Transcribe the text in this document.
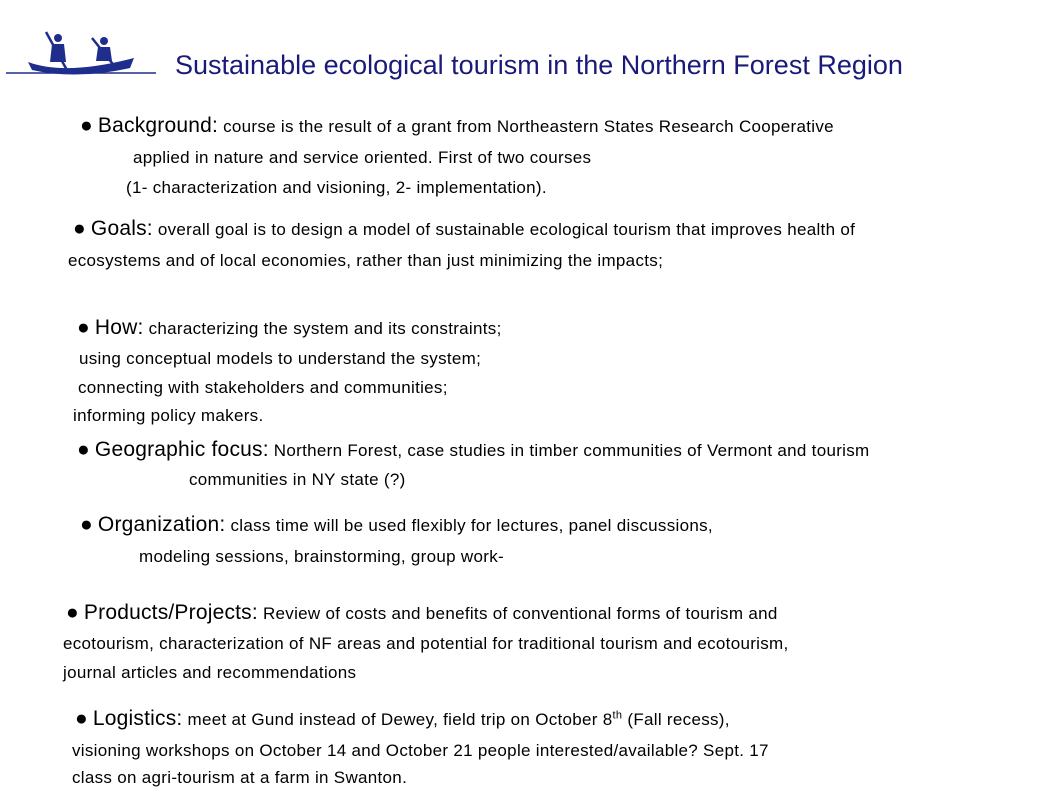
Sustainable ecological tourism in the Northern Forest Region
● Background: course is the result of a grant from Northeastern States Research Cooperative
applied in nature and service oriented. First of two courses
(1- characterization and visioning, 2- implementation).
● Goals: overall goal is to design a model of sustainable ecological tourism that improves health of
ecosystems and of local economies, rather than just minimizing the impacts;
● How: characterizing the system and its constraints;
using conceptual models to understand the system;
connecting with stakeholders and communities;
informing policy makers.
● Geographic focus: Northern Forest, case studies in timber communities of Vermont and tourism
communities in NY state (?)
● Organization: class time will be used flexibly for lectures, panel discussions,
modeling sessions, brainstorming, group work-
● Products/Projects: Review of costs and benefits of conventional forms of tourism and
ecotourism, characterization of NF areas and potential for traditional tourism and ecotourism,
journal articles and recommendations
● Logistics: meet at Gund instead of Dewey, field trip on October 8th (Fall recess),
visioning workshops on October 14 and October 21 people interested/available? Sept. 17
class on agri-tourism at a farm in Swanton.
